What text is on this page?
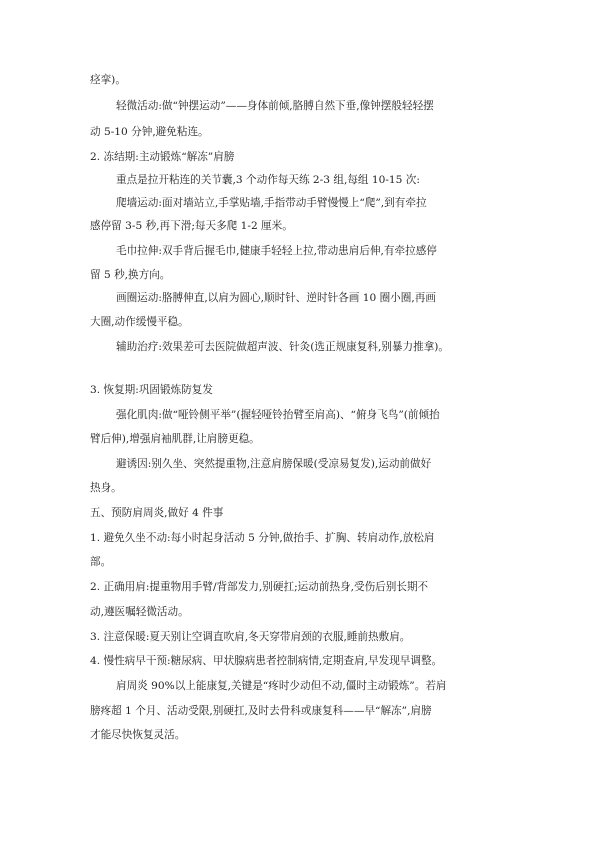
痉挛)。
轻微活动:做“钟摆运动”——身体前倾,胳膊自然下垂,像钟摆般轻轻摆
动 5-10 分钟,避免粘连。
2. 冻结期:主动锻炼“解冻”肩膀
重点是拉开粘连的关节囊,3 个动作每天练 2-3 组,每组 10-15 次:
爬墙运动:面对墙站立,手掌贴墙,手指带动手臂慢慢上“爬”,到有牵拉
感停留 3-5 秒,再下滑;每天多爬 1-2 厘米。
毛巾拉伸:双手背后握毛巾,健康手轻轻上拉,带动患肩后伸,有牵拉感停
留 5 秒,换方向。
画圈运动:胳膊伸直,以肩为圆心,顺时针、逆时针各画 10 圈小圈,再画
大圈,动作缓慢平稳。
辅助治疗:效果差可去医院做超声波、针灸(选正规康复科,别暴力推拿)。
3. 恢复期:巩固锻炼防复发
强化肌肉:做“哑铃侧平举”(握轻哑铃抬臂至肩高)、“俯身飞鸟”(前倾抬
臂后伸),增强肩袖肌群,让肩膀更稳。
避诱因:别久坐、突然提重物,注意肩膀保暖(受凉易复发),运动前做好
热身。
五、预防肩周炎,做好 4 件事
1. 避免久坐不动:每小时起身活动 5 分钟,做抬手、扩胸、转肩动作,放松肩
部。
2. 正确用肩:提重物用手臂/背部发力,别硬扛;运动前热身,受伤后别长期不
动,遵医嘱轻微活动。
3. 注意保暖:夏天别让空调直吹肩,冬天穿带肩颈的衣服,睡前热敷肩。
4. 慢性病早干预:糖尿病、甲状腺病患者控制病情,定期查肩,早发现早调整。
肩周炎 90%以上能康复,关键是“疼时少动但不动,僵时主动锻炼”。若肩
膀疼超 1 个月、活动受限,别硬扛,及时去骨科或康复科——早“解冻”,肩膀
才能尽快恢复灵活。
